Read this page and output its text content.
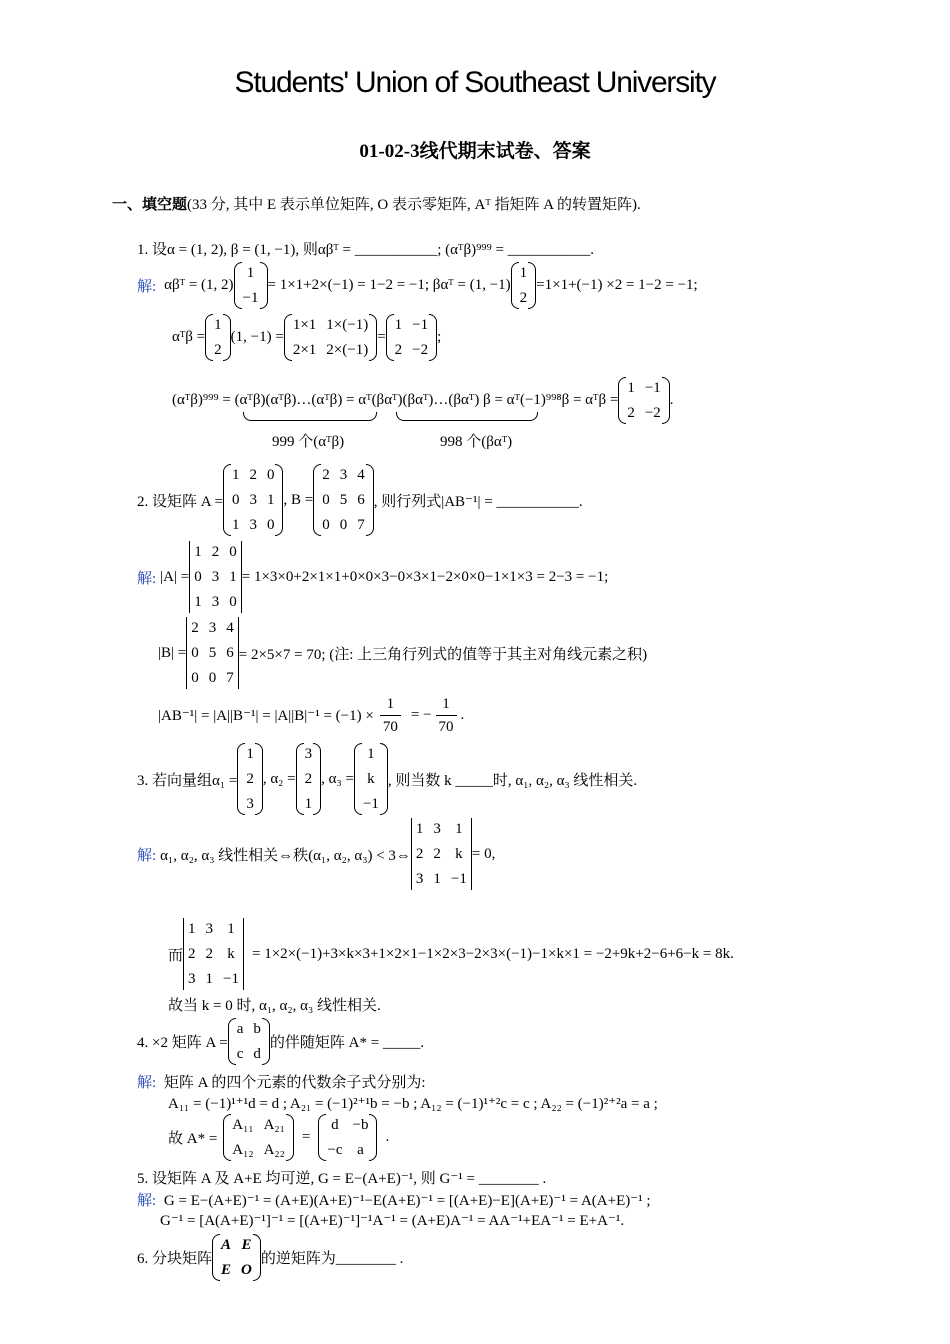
Students' Union of Southeast University
01-02-3线代期末试卷、答案
一、填空题(33 分, 其中 E 表示单位矩阵, O 表示零矩阵, Aᵀ 指矩阵 A 的转置矩阵).
1. 设α = (1, 2), β = (1, −1), 则αβᵀ = ___________; (αᵀβ)⁹⁹⁹ = ___________.
解: αβᵀ = (1, 2)
1
−1
= 1×1+2×(−1) = 1−2 = −1; βαᵀ = (1, −1)
1
2
=1×1+(−1) ×2 = 1−2 = −1;
αᵀβ =
1
2
(1, −1) =
1×1 1×(−1)
2×1 2×(−1)
=
1 −1
2 −2
;
(αᵀβ)⁹⁹⁹ = (αᵀβ)(αᵀβ)…(αᵀβ) = αᵀ(βαᵀ)(βαᵀ)…(βαᵀ) β = αᵀ(−1)⁹⁹⁸β = αᵀβ =
1 −1
2 −2
.
999 个(αᵀβ)	998 个(βαᵀ)
2. 设矩阵 A =
1 2 0
0 3 1
1 3 0
, B =
2 3 4
0 5 6
0 0 7
, 则行列式|AB⁻¹| = ___________.
解: |A| =
1 2 0
0 3 1
1 3 0
= 1×3×0+2×1×1+0×0×3−0×3×1−2×0×0−1×1×3 = 2−3 = −1;
|B| =
2 3 4
0 5 6
0 0 7
= 2×5×7 = 70; (注: 上三角行列式的值等于其主对角线元素之积)
$|AB^{-1}| = |A||B^{-1}| = |A||B|^{-1} = (-1) \times \frac{1}{70}$ = − $\frac{1}{70}$ .
3. 若向量组α₁ =
1
2
3
, α₂ =
3
2
1
, α₃ =
1
k
−1
, 则当数 k _____时, α₁, α₂, α₃ 线性相关.
解: α₁, α₂, α₃ 线性相关⇔秩(α₁, α₂, α₃) < 3⇔
1 3 1
2 2 k
3 1 −1
= 0,
而
1 3 1
2 2 k
3 1 −1
= 1×2×(−1)+3×k×3+1×2×1−1×2×3−2×3×(−1)−1×k×1 = −2+9k+2−6+6−k = 8k.
故当 k = 0 时, α₁, α₂, α₃ 线性相关.
4. ×2 矩阵 A =
a b
c d
的伴随矩阵 A* = _____.
解: 矩阵 A 的四个元素的代数余子式分别为:
A₁₁ = (−1)¹⁺¹d = d ; A₂₁ = (−1)²⁺¹b = −b ; A₁₂ = (−1)¹⁺²c = c ; A₂₂ = (−1)²⁺²a = a ;
故 A* =
A₁₁ A₂₁
A₁₂ A₂₂
=
d −b
−c a
.
5. 设矩阵 A 及 A+E 均可逆, G = E−(A+E)⁻¹, 则 G⁻¹ = ________ .
解: G = E−(A+E)⁻¹ = (A+E)(A+E)⁻¹−E(A+E)⁻¹ = [(A+E)−E](A+E)⁻¹ = A(A+E)⁻¹ ;
G⁻¹ = [A(A+E)⁻¹]⁻¹ = [(A+E)⁻¹]⁻¹A⁻¹ = (A+E)A⁻¹ = AA⁻¹+EA⁻¹ = E+A⁻¹.
6. 分块矩阵
A E
E O
的逆矩阵为________ .
